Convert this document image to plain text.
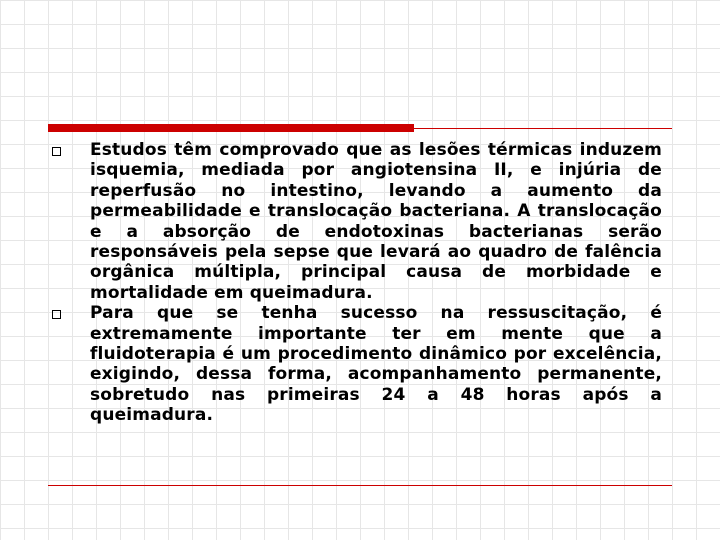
Estudos têm comprovado que as lesões térmicas induzem isquemia, mediada por angiotensina II, e injúria de reperfusão no intestino, levando a aumento da permeabilidade e translocação bacteriana. A translocação e a absorção de endotoxinas bacterianas serão responsáveis pela sepse que levará ao quadro de falência orgânica múltipla, principal causa de morbidade e mortalidade em queimadura.

Para que se tenha sucesso na ressuscitação, é extremamente importante ter em mente que a fluidoterapia é um procedimento dinâmico por excelência, exigindo, dessa forma, acompanhamento permanente, sobretudo nas primeiras 24 a 48 horas após a queimadura.
